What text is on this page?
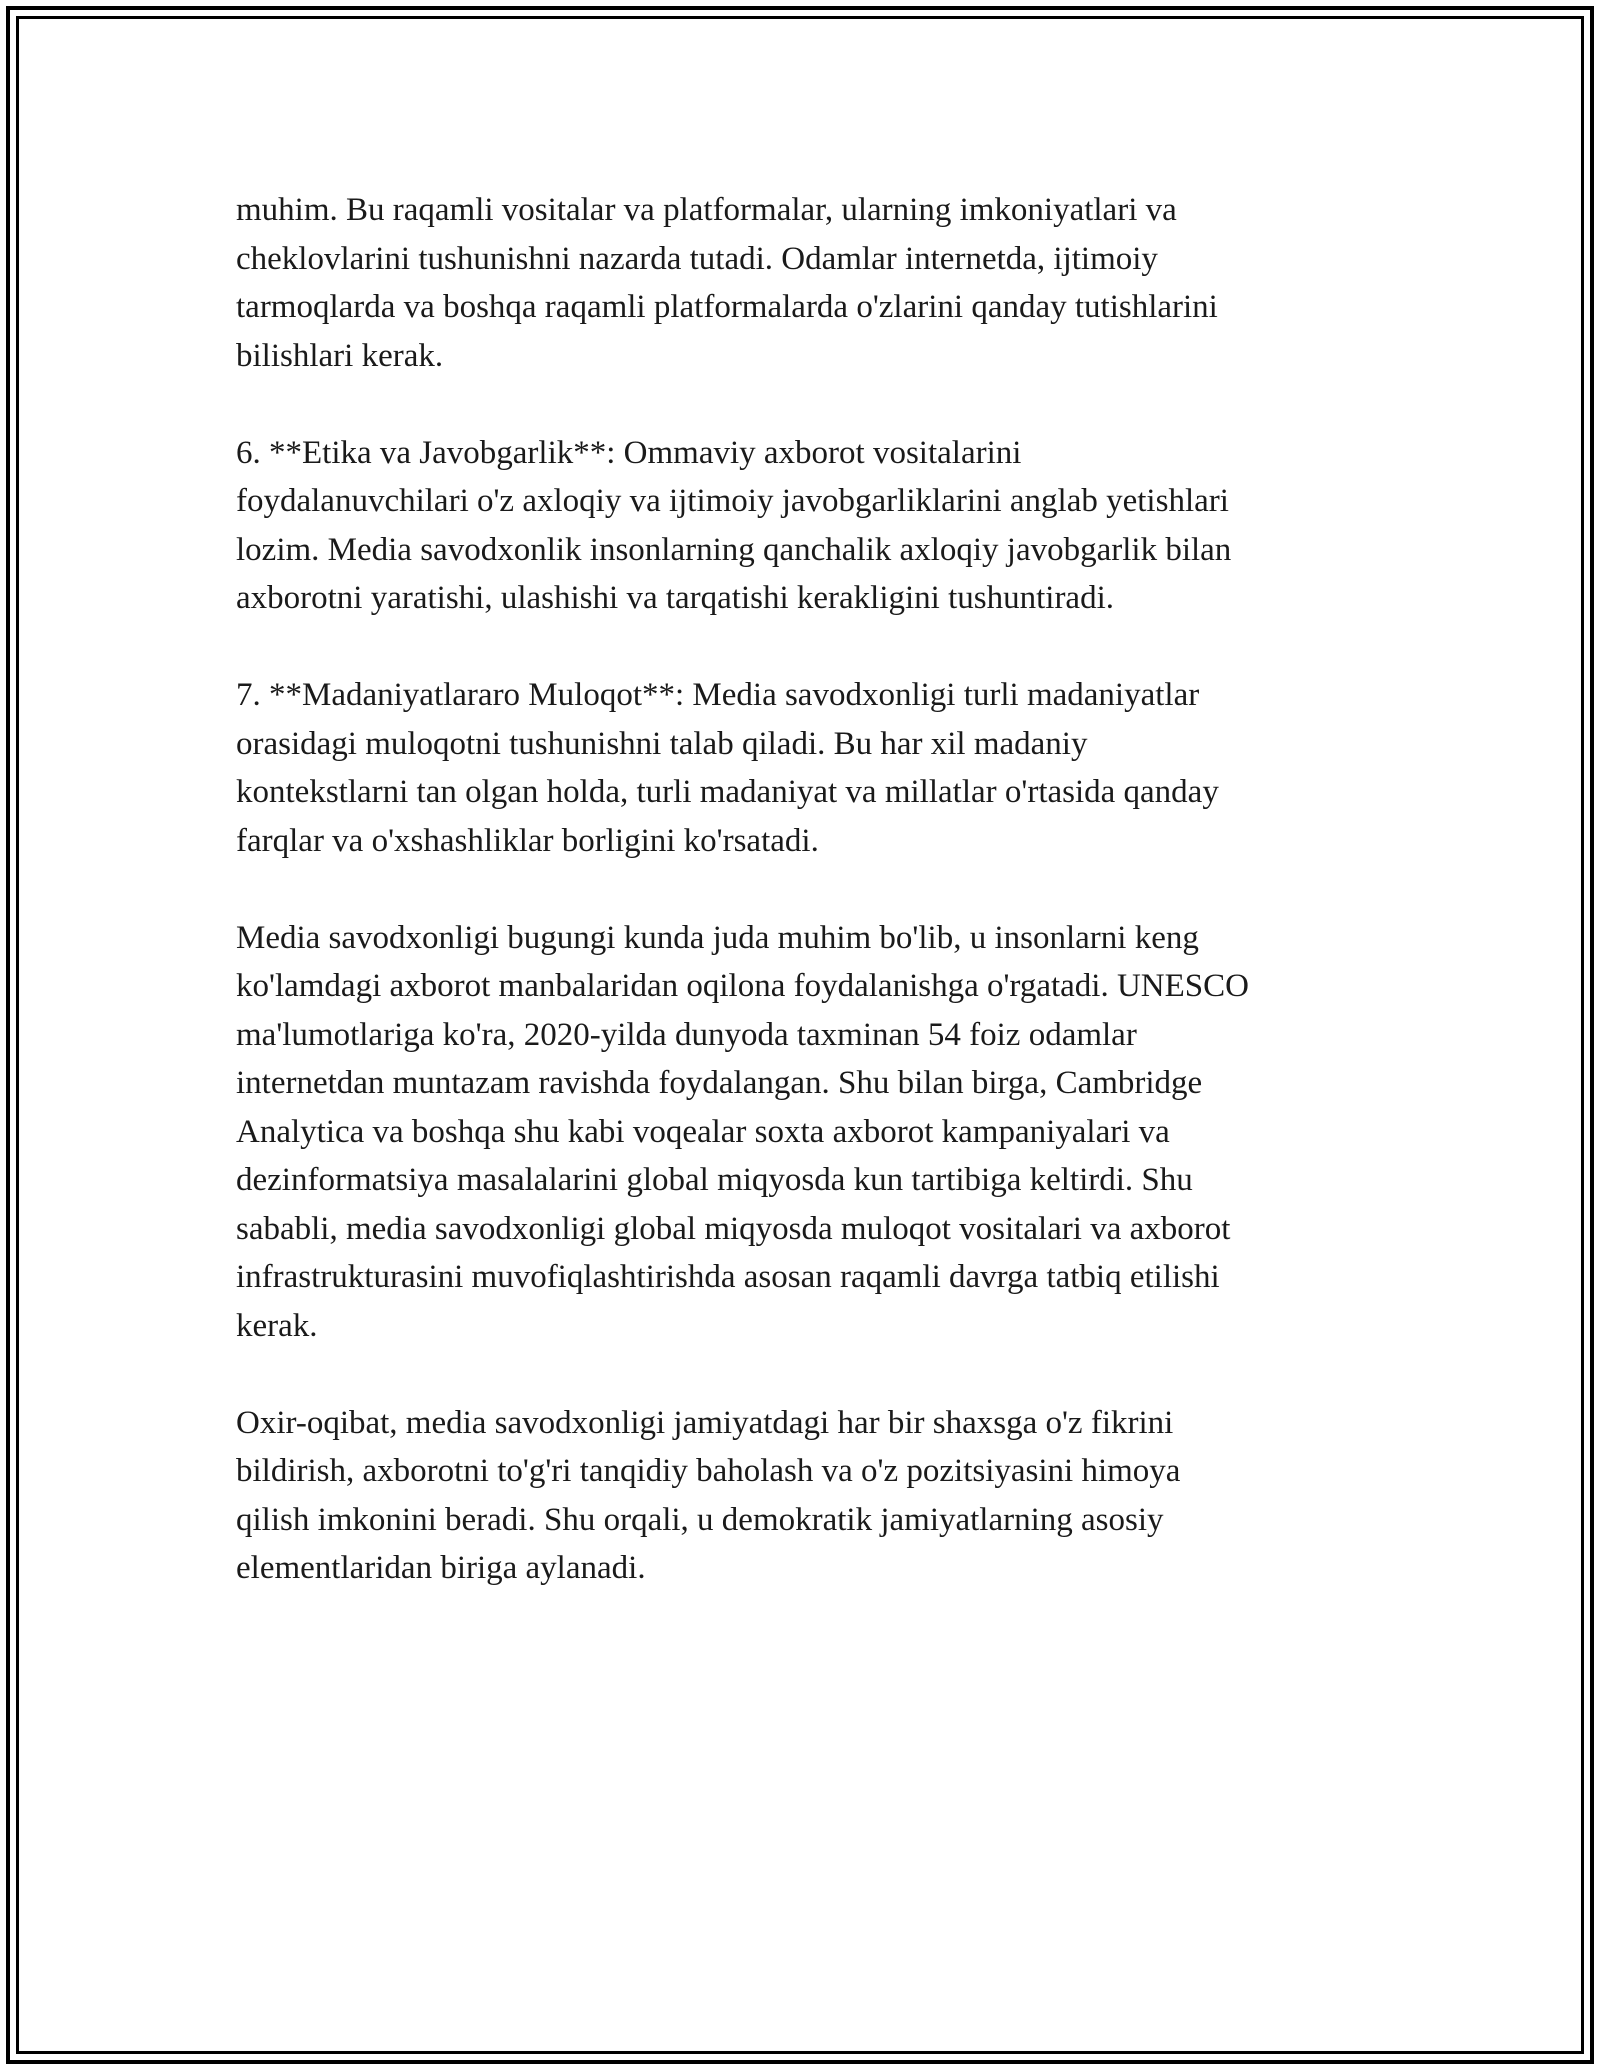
muhim. Bu raqamli vositalar va platformalar, ularning imkoniyatlari va
cheklovlarini tushunishni nazarda tutadi. Odamlar internetda, ijtimoiy
tarmoqlarda va boshqa raqamli platformalarda o'zlarini qanday tutishlarini
bilishlari kerak.

6. **Etika va Javobgarlik**: Ommaviy axborot vositalarini
foydalanuvchilari o'z axloqiy va ijtimoiy javobgarliklarini anglab yetishlari
lozim. Media savodxonlik insonlarning qanchalik axloqiy javobgarlik bilan
axborotni yaratishi, ulashishi va tarqatishi kerakligini tushuntiradi.

7. **Madaniyatlararo Muloqot**: Media savodxonligi turli madaniyatlar
orasidagi muloqotni tushunishni talab qiladi. Bu har xil madaniy
kontekstlarni tan olgan holda, turli madaniyat va millatlar o'rtasida qanday
farqlar va o'xshashliklar borligini ko'rsatadi.

Media savodxonligi bugungi kunda juda muhim bo'lib, u insonlarni keng
ko'lamdagi axborot manbalaridan oqilona foydalanishga o'rgatadi. UNESCO
ma'lumotlariga ko'ra, 2020-yilda dunyoda taxminan 54 foiz odamlar
internetdan muntazam ravishda foydalangan. Shu bilan birga, Cambridge
Analytica va boshqa shu kabi voqealar soxta axborot kampaniyalari va
dezinformatsiya masalalarini global miqyosda kun tartibiga keltirdi. Shu
sababli, media savodxonligi global miqyosda muloqot vositalari va axborot
infrastrukturasini muvofiqlashtirishda asosan raqamli davrga tatbiq etilishi
kerak.

Oxir-oqibat, media savodxonligi jamiyatdagi har bir shaxsga o'z fikrini
bildirish, axborotni to'g'ri tanqidiy baholash va o'z pozitsiyasini himoya
qilish imkonini beradi. Shu orqali, u demokratik jamiyatlarning asosiy
elementlaridan biriga aylanadi.
